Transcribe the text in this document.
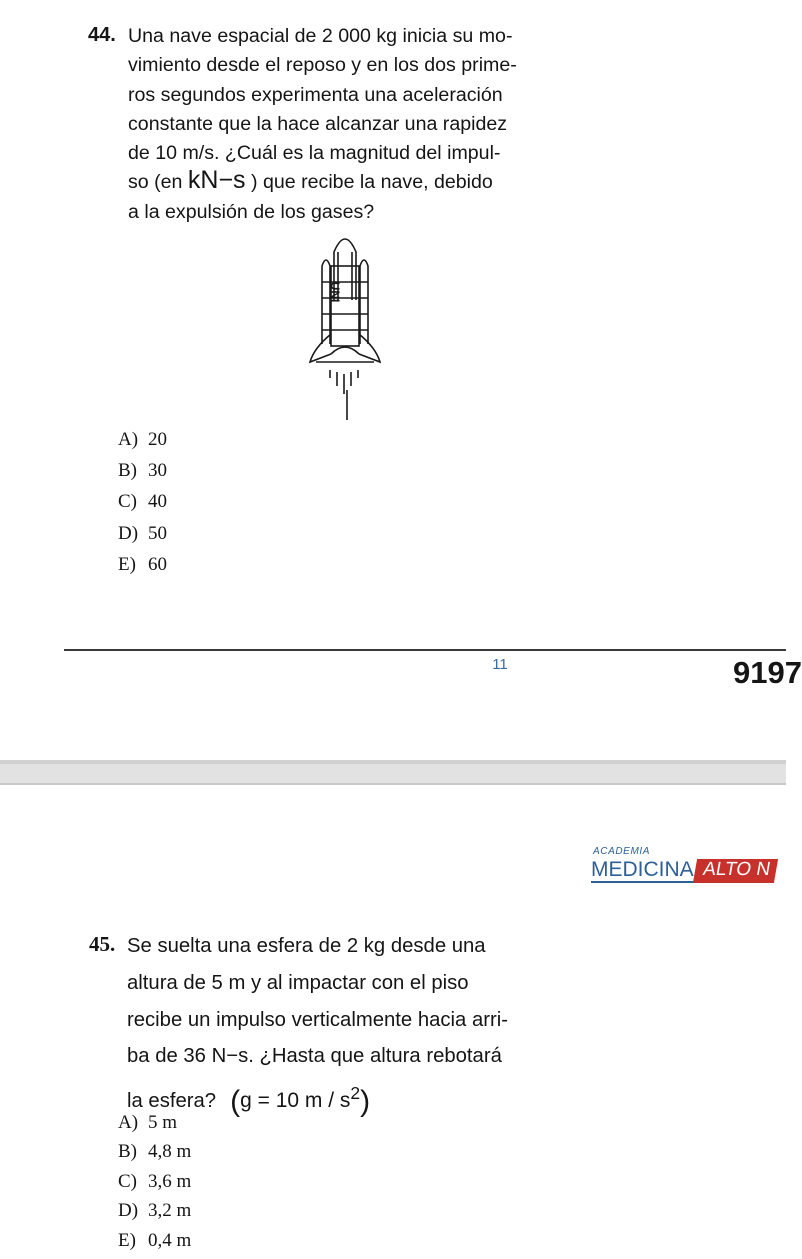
44. Una nave espacial de 2 000 kg inicia su mo-
vimiento desde el reposo y en los dos prime-
ros segundos experimenta una aceleración
constante que la hace alcanzar una rapidez
de 10 m/s. ¿Cuál es la magnitud del impul-
so (en kN−s ) que recibe la nave, debido
a la expulsión de los gases?
UNI
A) 20
B) 30
C) 40
D) 50
E) 60
11	9197
ACADEMIA
MEDICINA ALTO N
45. Se suelta una esfera de 2 kg desde una
altura de 5 m y al impactar con el piso
recibe un impulso verticalmente hacia arri-
ba de 36 N−s. ¿Hasta que altura rebotará
la esfera? (g = 10 m / $s^2$)
A) 5 m
B) 4,8 m
C) 3,6 m
D) 3,2 m
E) 0,4 m
